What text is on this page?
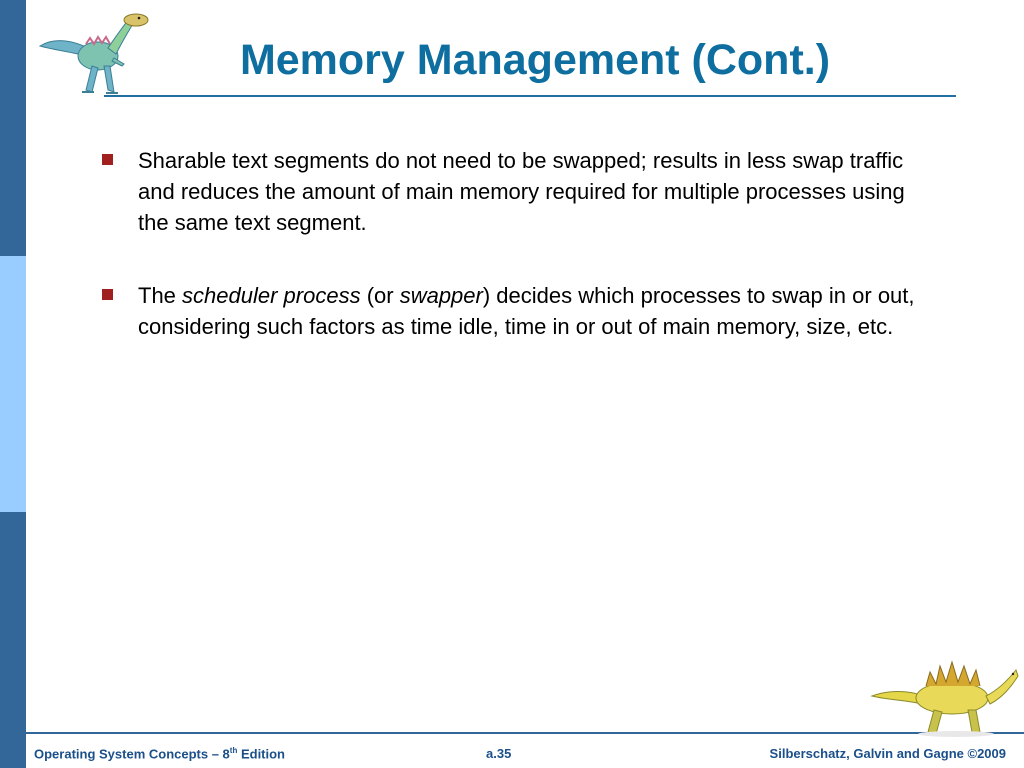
Memory Management (Cont.)
Sharable text segments do not need to be swapped; results in less swap traffic and reduces the amount of main memory required for multiple processes using the same text segment.
The scheduler process (or swapper) decides which processes to swap in or out, considering such factors as time idle, time in or out of main memory, size, etc.
Operating System Concepts – 8th Edition	a.35	Silberschatz, Galvin and Gagne ©2009
